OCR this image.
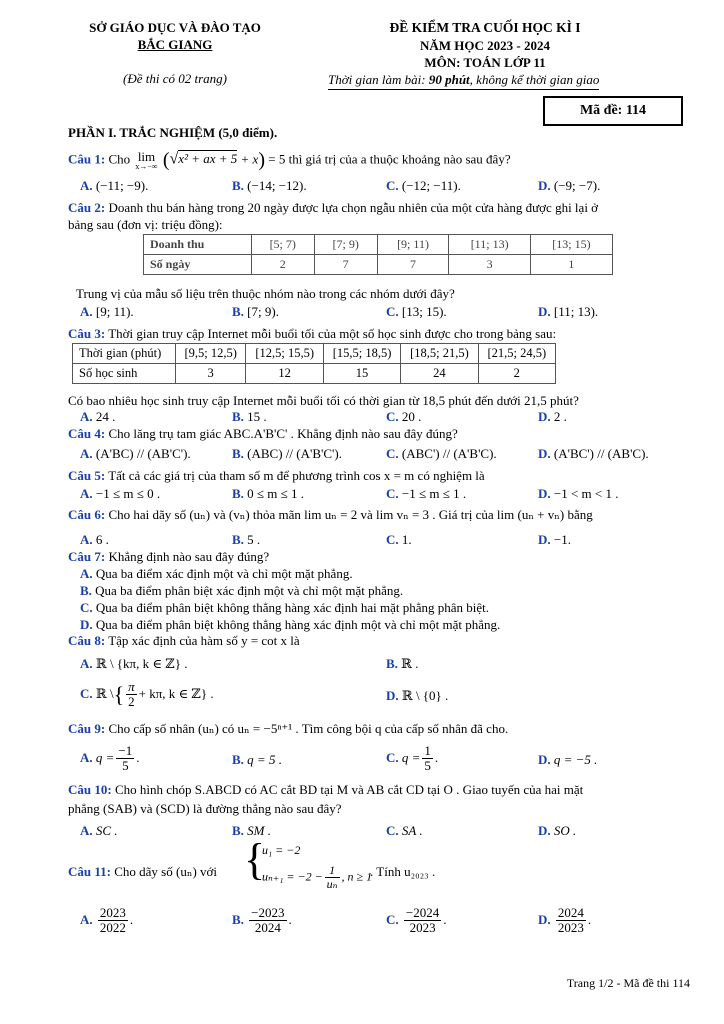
SỞ GIÁO DỤC VÀ ĐÀO TẠO
BẮC GIANG
(Đề thi có 02 trang)
ĐỀ KIỂM TRA CUỐI HỌC KÌ I
NĂM HỌC 2023 - 2024
MÔN: TOÁN LỚP 11
Thời gian làm bài: 90 phút, không kể thời gian giao
Mã đề: 114
PHẦN I. TRẮC NGHIỆM (5,0 điểm).
Câu 1: Cho lim
x→−∞ (√x² + ax + 5 + x) = 5 thì giá trị của a thuộc khoảng nào sau đây?
A. (−11; −9).	B. (−14; −12).	C. (−12; −11).	D. (−9; −7).
Câu 2: Doanh thu bán hàng trong 20 ngày được lựa chọn ngẫu nhiên của một cửa hàng được ghi lại ở
bảng sau (đơn vị: triệu đồng):
Doanh thu	[5; 7)	[7; 9)	[9; 11)	[11; 13)	[13; 15)
Số ngày	2	7	7	3	1
Trung vị của mẫu số liệu trên thuộc nhóm nào trong các nhóm dưới đây?
A. [9; 11).	B. [7; 9).	C. [13; 15).	D. [11; 13).
Câu 3: Thời gian truy cập Internet mỗi buổi tối của một số học sinh được cho trong bảng sau:
Thời gian (phút)	[9,5; 12,5)	[12,5; 15,5)	[15,5; 18,5)	[18,5; 21,5)	[21,5; 24,5)
Số học sinh	3	12	15	24	2
Có bao nhiêu học sinh truy cập Internet mỗi buổi tối có thời gian từ 18,5 phút đến dưới 21,5 phút?
A. 24 .	B. 15 .	C. 20 .	D. 2 .
Câu 4: Cho lăng trụ tam giác ABC.A'B'C' . Khẳng định nào sau đây đúng?
A. (A'BC) // (AB'C').	B. (ABC) // (A'B'C').	C. (ABC') // (A'B'C).	D. (A'BC') // (AB'C).
Câu 5: Tất cả các giá trị của tham số m để phương trình cos x = m có nghiệm là
A. −1 ≤ m ≤ 0 .	B. 0 ≤ m ≤ 1 .	C. −1 ≤ m ≤ 1 .	D. −1 < m < 1 .
Câu 6: Cho hai dãy số (uₙ) và (vₙ) thỏa mãn lim uₙ = 2 và lim vₙ = 3 . Giá trị của lim (uₙ + vₙ) bằng
A. 6 .	B. 5 .	C. 1.	D. −1.
Câu 7: Khẳng định nào sau đây đúng?
A. Qua ba điểm xác định một và chỉ một mặt phẳng.
B. Qua ba điểm phân biệt xác định một và chỉ một mặt phẳng.
C. Qua ba điểm phân biệt không thẳng hàng xác định hai mặt phẳng phân biệt.
D. Qua ba điểm phân biệt không thẳng hàng xác định một và chỉ một mặt phẳng.
Câu 8: Tập xác định của hàm số y = cot x là
A. ℝ \ {kπ, k ∈ ℤ} .	B. ℝ .
C. ℝ \{ $\frac{\pi}{2} + k\pi$, k ∈ ℤ} .	D. ℝ \ {0} .
Câu 9: Cho cấp số nhân (uₙ) có uₙ = −5ⁿ⁺¹ . Tìm công bội q của cấp số nhân đã cho.
A. $q = \frac{-1}{5}$ .	B. q = 5 .	C. $q = \frac{1}{5}$ .	D. q = −5 .
Câu 10: Cho hình chóp S.ABCD có AC cắt BD tại M và AB cắt CD tại O . Giao tuyến của hai mặt
phẳng (SAB) và (SCD) là đường thẳng nào sau đây?
A. SC .	B. SM .	C. SA .	D. SO .
Câu 11: Cho dãy số (uₙ) với {
u₁ = −2
$u_{n+1} = -2 - \frac{1}{\text{uₙ}}$ , n ≥ 1
. Tính u₂₀₂₃ .
A. $\frac{2023}{2022}$ .	B. $\frac{-2023}{2024}$ .	C. $\frac{-2024}{2023}$ .	D. $\frac{2024}{2023}$ .
Trang 1/2 - Mã đề thi 114
